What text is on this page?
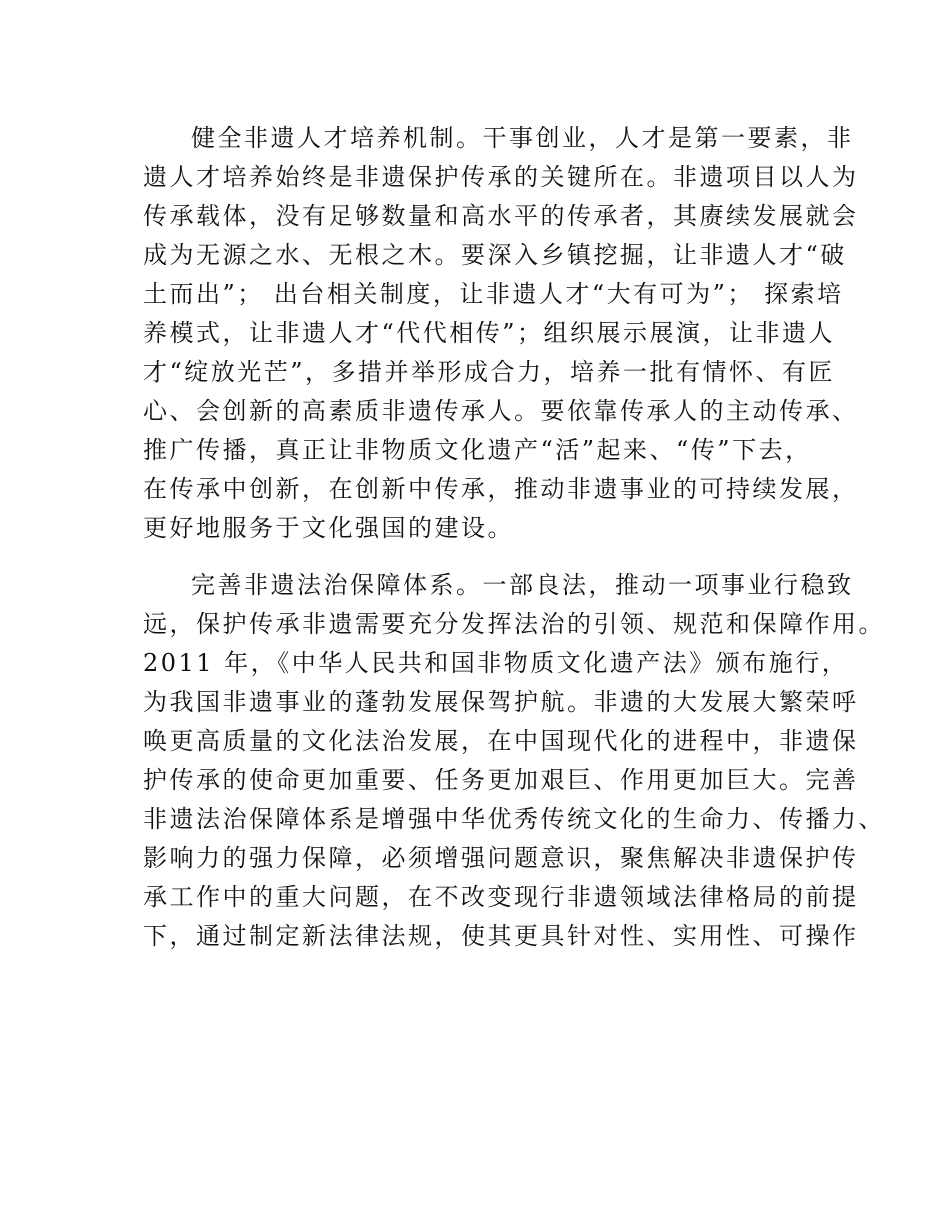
健全非遗人才培养机制。干事创业，人才是第一要素，非
遗人才培养始终是非遗保护传承的关键所在。非遗项目以人为
传承载体，没有足够数量和高水平的传承者，其赓续发展就会
成为无源之水、无根之木。要深入乡镇挖掘，让非遗人才“破
土而出”； 出台相关制度，让非遗人才“大有可为”； 探索培
养模式，让非遗人才“代代相传”；组织展示展演，让非遗人
才“绽放光芒”，多措并举形成合力，培养一批有情怀、有匠
心、会创新的高素质非遗传承人。要依靠传承人的主动传承、
推广传播，真正让非物质文化遗产“活”起来、“传”下去，
在传承中创新，在创新中传承，推动非遗事业的可持续发展，
更好地服务于文化强国的建设。
完善非遗法治保障体系。一部良法，推动一项事业行稳致
远，保护传承非遗需要充分发挥法治的引领、规范和保障作用。
2011 年，《中华人民共和国非物质文化遗产法》颁布施行，
为我国非遗事业的蓬勃发展保驾护航。非遗的大发展大繁荣呼
唤更高质量的文化法治发展，在中国现代化的进程中，非遗保
护传承的使命更加重要、任务更加艰巨、作用更加巨大。完善
非遗法治保障体系是增强中华优秀传统文化的生命力、传播力、
影响力的强力保障，必须增强问题意识，聚焦解决非遗保护传
承工作中的重大问题，在不改变现行非遗领域法律格局的前提
下，通过制定新法律法规，使其更具针对性、实用性、可操作
